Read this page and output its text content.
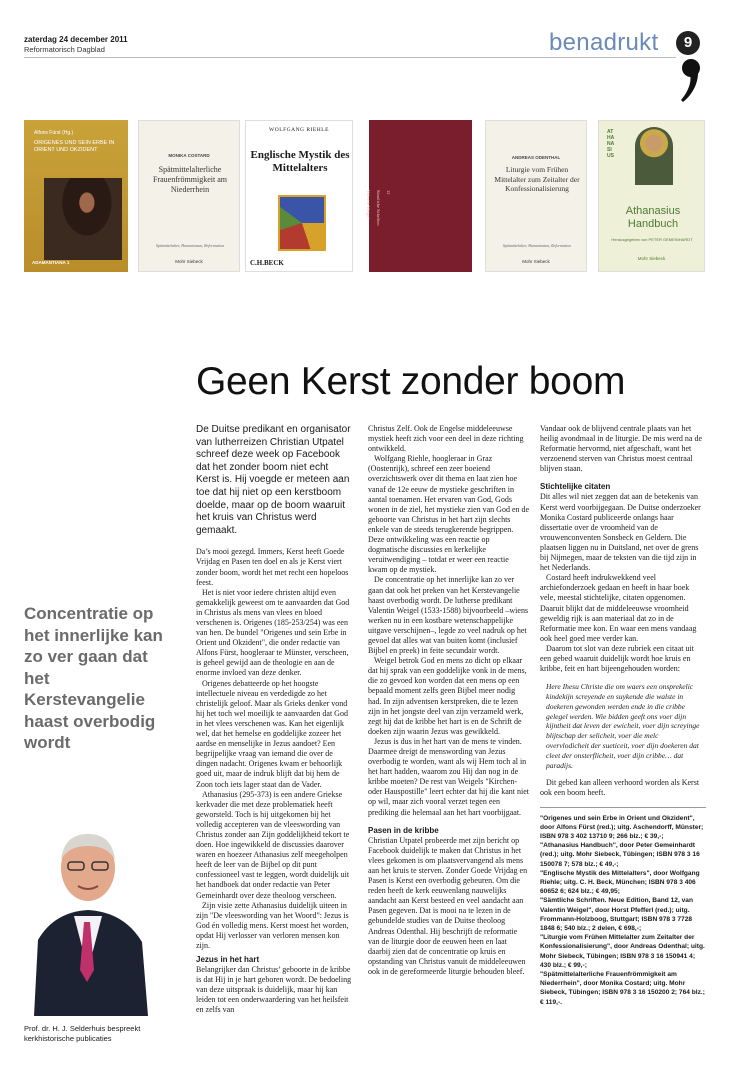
zaterdag 24 december 2011
Reformatorisch Dagblad	benadrukt	9
Alfons Fürst (Hg.)
ORIGENES UND SEIN ERBE IN ORIENT UND OKZIDENT
ADAMANTIANA 1
MONIKA COSTARD
Spätmittelalterliche Frauenfrömmigkeit am Niederrhein
Spätmittelalter, Humanismus, Reformation
Mohr Siebeck
WOLFGANG RIEHLE
Englische Mystik des Mittelalters
C.H.BECK
Valentin Weigel Sämtliche Schriften 12
ANDREAS ODENTHAL
Liturgie vom Frühen Mittelalter zum Zeitalter der Konfessionalisierung
Spätmittelalter, Humanismus, Reformation
Mohr Siebeck
ATHANASIUS
Athanasius Handbuch
Herausgegeben von PETER GEMEINHARDT
Mohr Siebeck
Geen Kerst zonder boom
Concentratie op het innerlijke kan zo ver gaan dat het Kerstevangelie haast overbodig wordt
Prof. dr. H. J. Selderhuis bespreekt kerkhistorische publicaties
De Duitse predikant en organisator van lutherreizen Christian Utpatel schreef deze week op Facebook dat het zonder boom niet echt Kerst is. Hij voegde er meteen aan toe dat hij niet op een kerstboom doelde, maar op de boom waaruit het kruis van Christus werd gemaakt.

Da’s mooi gezegd. Immers, Kerst heeft Goede Vrijdag en Pasen ten doel en als je Kerst viert zonder boom, wordt het met recht een hopeloos feest.

Het is niet voor iedere christen altijd even gemakkelijk geweest om te aanvaarden dat God in Christus als mens van vlees en bloed verschenen is. Origenes (185-253/254) was een van hen. De bundel "Origenes und sein Erbe in Orient und Okzident", die onder redactie van Alfons Fürst, hoogleraar te Münster, verscheen, is geheel gewijd aan de theologie en aan de enorme invloed van deze denker.

Origenes debatteerde op het hoogste intellectuele niveau en verdedigde zo het christelijk geloof. Maar als Grieks denker vond hij het toch wel moeilijk te aanvaarden dat God in het vlees verschenen was. Kan het eigenlijk wel, dat het hemelse en goddelijke zozeer het aardse en menselijke in Jezus aandoet? Een begrijpelijke vraag van iemand die over de dingen nadacht. Origenes kwam er behoorlijk goed uit, maar de indruk blijft dat bij hem de Zoon toch iets lager staat dan de Vader.

Athanasius (295-373) is een andere Griekse kerkvader die met deze problematiek heeft geworsteld. Toch is hij uitgekomen bij het volledig accepteren van de vleeswording van Christus zonder aan Zijn goddelijkheid tekort te doen. Hoe ingewikkeld de discussies daarover waren en hoezeer Athanasius zelf meegeholpen heeft de leer van de Bijbel op dit punt confessioneel vast te leggen, wordt duidelijk uit het handboek dat onder redactie van Peter Gemeinhardt over deze theoloog verscheen.

Zijn visie zette Athanasius duidelijk uiteen in zijn "De vleeswording van het Woord": Jezus is God én volledig mens. Kerst moest het worden, opdat Hij verlosser van verloren mensen kon zijn.

Jezus in het hart

Belangrijker dan Christus’ geboorte in de kribbe is dat Hij in je hart geboren wordt. De bedoeling van deze uitspraak is duidelijk, maar hij kan leiden tot een onderwaardering van het heilsfeit en zelfs van

Christus Zelf. Ook de Engelse middeleeuwse mystiek heeft zich voor een deel in deze richting ontwikkeld.

Wolfgang Riehle, hoogleraar in Graz (Oostenrijk), schreef een zeer boeiend overzichtswerk over dit thema en laat zien hoe vanaf de 12e eeuw de mystieke geschriften in aantal toenamen. Het ervaren van God, Gods wonen in de ziel, het mystieke zien van God en de geboorte van Christus in het hart zijn slechts enkele van de steeds terugkerende begrippen. Deze ontwikkeling was een reactie op dogmatische discussies en kerkelijke veruitwendiging – totdat er weer een reactie kwam op de mystiek.

De concentratie op het innerlijke kan zo ver gaan dat ook het preken van het Kerstevangelie haast overbodig wordt. De lutherse predikant Valentin Weigel (1533-1588) bijvoorbeeld –wiens werken nu in een kostbare wetenschappelijke uitgave verschijnen–, legde zo veel nadruk op het gevoel dat alles wat van buiten komt (inclusief Bijbel en preek) in feite secundair wordt.

Weigel betrok God en mens zo dicht op elkaar dat hij sprak van een goddelijke vonk in de mens, die zo gevoed kon worden dat een mens op een bepaald moment zelfs geen Bijbel meer nodig had. In zijn adventsen kerstpreken, die te lezen zijn in het jongste deel van zijn verzameld werk, zegt hij dat de kribbe het hart is en de Schrift de doeken zijn waarin Jezus was gewikkeld.

Jezus is dus in het hart van de mens te vinden. Daarmee dreigt de menswording van Jezus overbodig te worden, want als wij Hem toch al in het hart hadden, waarom zou Hij dan nog in de kribbe moeten? De rest van Weigels "Kirchen- oder Hauspostille" leert echter dat hij die kant niet op wil, maar zich vooral verzet tegen een prediking die helemaal aan het hart voorbijgaat.

Pasen in de kribbe

Christian Utpatel probeerde met zijn bericht op Facebook duidelijk te maken dat Christus in het vlees gekomen is om plaatsvervangend als mens aan het kruis te sterven. Zonder Goede Vrijdag en Pasen is Kerst een overbodig gebeuren. Om die reden heeft de kerk eeuwenlang nauwelijks aandacht aan Kerst besteed en veel aandacht aan Pasen gegeven. Dat is mooi na te lezen in de gebundelde studies van de Duitse theoloog Andreas Odenthal. Hij beschrijft de reformatie van de liturgie door de eeuwen heen en laat daarbij zien dat de concentratie op kruis en opstanding van Christus vanuit de middeleeuwen ook in de gereformeerde liturgie behouden bleef.

Vandaar ook de blijvend centrale plaats van het heilig avondmaal in de liturgie. De mis werd na de Reformatie hervormd, niet afgeschaft, want het verzoenend sterven van Christus moest centraal blijven staan.

Stichtelijke citaten

Dit alles wil niet zeggen dat aan de betekenis van Kerst werd voorbijgegaan. De Duitse onderzoeker Monika Costard publiceerde onlangs haar dissertatie over de vroomheid van de vrouwenconventen Sonsbeck en Geldern. Die plaatsen liggen nu in Duitsland, net over de grens bij Nijmegen, maar de teksten van die tijd zijn in het Nederlands.

Costard heeft indrukwekkend veel archiefonderzoek gedaan en heeft in haar boek vele, meestal stichtelijke, citaten opgenomen. Daaruit blijkt dat de middeleeuwse vroomheid geweldig rijk is aan materiaal dat zo in de Reformatie mee kon. En waar een mens vandaag ook heel goed mee verder kan.

Daarom tot slot van deze rubriek een citaat uit een gebed waaruit duidelijk wordt hoe kruis en kribbe, feit en hart bijeengehouden worden:

Here Ihesu Christe die om waers een onsprekelic kindekijn screyende en suykende die walste in doekeren gewonden werden ende in die cribbe gelegel werden. Wie bidden geeft ons voer dijn kijntheit dat leven der ewicheit, voer dijn screyinge blijtschap der selicheit, voer die melc overvlodicheit der sueticeit, voer dijn doekeren dat cleet der onsterflicheit, voer dijn cribbe… dat paradijs.

Dit gebed kan alleen verhoord worden als Kerst ook een boom heeft.

"Origenes und sein Erbe in Orient und Okzident", door Alfons Fürst (red.); uitg. Aschendorff, Münster; ISBN 978 3 402 13710 9; 266 blz.; € 39,-;
"Athanasius Handbuch", door Peter Gemeinhardt (red.); uitg. Mohr Siebeck, Tübingen; ISBN 978 3 16 150078 7; 578 blz.; € 49,-;
"Englische Mystik des Mittelalters", door Wolfgang Riehle; uitg. C. H. Beck, München; ISBN 978 3 406 60652 6; 624 blz.; € 49,95;
"Sämtliche Schriften. Neue Edition, Band 12, van Valentin Weigel", door Horst Pfefferl (red.); uitg. Frommann-Holzboog, Stuttgart; ISBN 978 3 7728 1848 6; 540 blz.; 2 delen, € 698,-;
"Liturgie vom Frühen Mittelalter zum Zeitalter der Konfessionalisierung", door Andreas Odenthal; uitg. Mohr Siebeck, Tübingen; ISBN 978 3 16 150941 4; 430 blz.; € 99,-;
"Spätmittelalterliche Frauenfrömmigkeit am Niederrhein", door Monika Costard; uitg. Mohr Siebeck, Tübingen; ISBN 978 3 16 150200 2; 764 blz.; € 119,-.
